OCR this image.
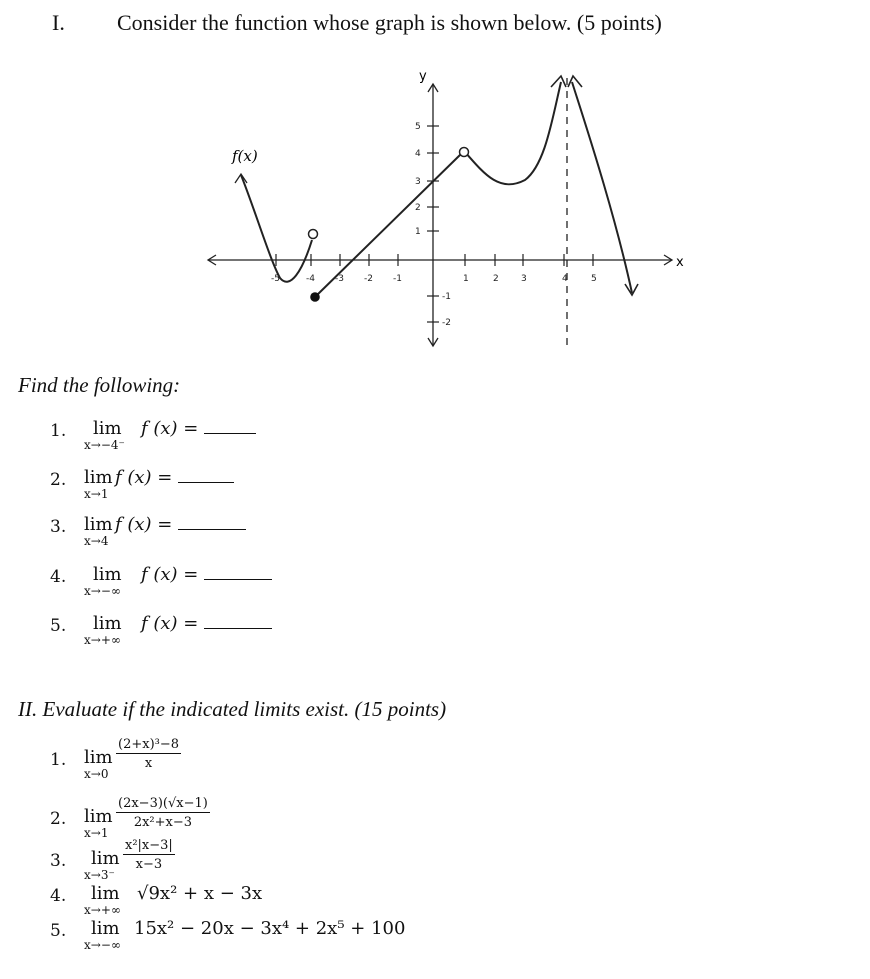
I. Consider the function whose graph is shown below. (5 points)
-5	-4 -3 -2 -1	1	2 3	4	5
5
4
3
2
1
-1
-2
x
y
f(x)
Find the following:
1. lim
x→−4⁻
f (x) =
2. lim
x→1
f (x) =
3. lim
x→4
f (x) =
4. lim
x→−∞
f (x) =
5. lim
x→+∞
f (x) =
II. Evaluate if the indicated limits exist. (15 points)
1. lim
x→0
$\frac{\text{(2+x)³−8}}{x}$
2. lim
x→1
$\frac{(2x-3)(√x-1)}{\text{2x²+x−3}}$
3. lim
x→3⁻
$\frac{\text{x²|x−3|}}{x-3}$
4. lim
x→+∞
√9x² + x − 3x
5. lim
x→−∞
15x² − 20x − 3x⁴ + 2x⁵ + 100
